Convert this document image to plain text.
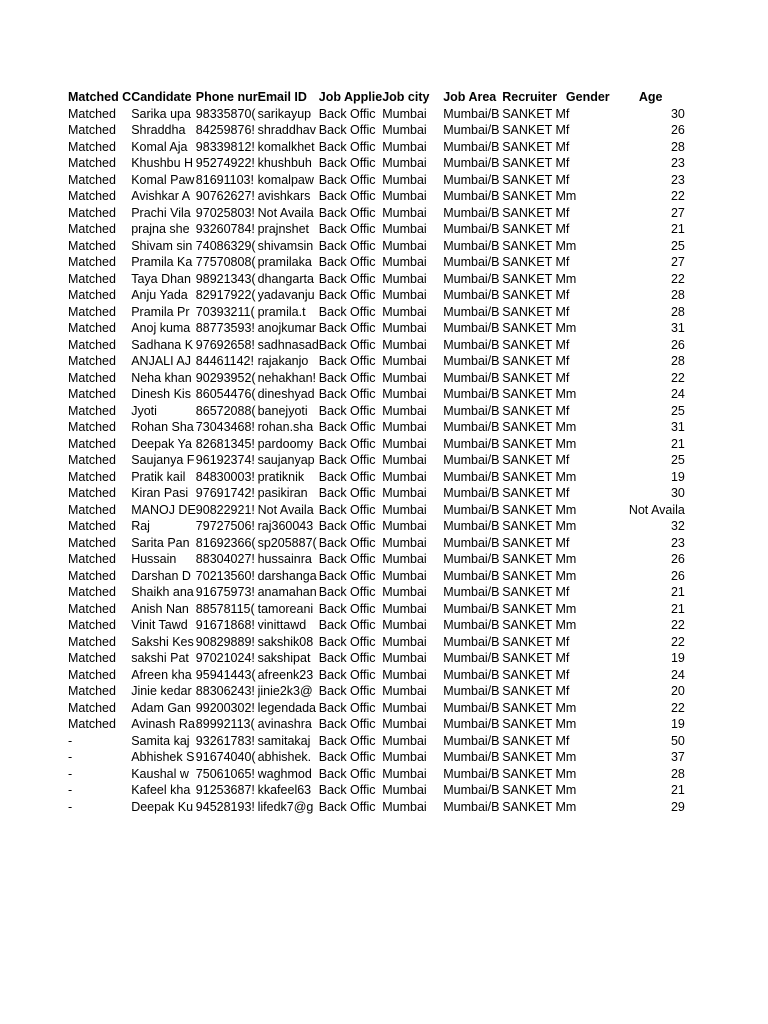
Matched C	Candidate	Phone nur	Email ID	Job Applie	Job city	Job Area	Recruiter	Gender	Age
Matched	Sarika upa	98335870(	sarikayup	Back Offic	Mumbai	Mumbai/B	SANKET M	f	30
Matched	Shraddha	84259876!	shraddhav	Back Offic	Mumbai	Mumbai/B	SANKET M	f	26
Matched	Komal Aja	98339812!	komalkhet	Back Offic	Mumbai	Mumbai/B	SANKET M	f	28
Matched	Khushbu H	95274922!	khushbuh	Back Offic	Mumbai	Mumbai/B	SANKET M	f	23
Matched	Komal Paw	81691103!	komalpaw	Back Offic	Mumbai	Mumbai/B	SANKET M	f	23
Matched	Avishkar A	90762627!	avishkars	Back Offic	Mumbai	Mumbai/B	SANKET M	m	22
Matched	Prachi Vila	97025803!	Not Availa	Back Offic	Mumbai	Mumbai/B	SANKET M	f	27
Matched	prajna she	93260784!	prajnshet	Back Offic	Mumbai	Mumbai/B	SANKET M	f	21
Matched	Shivam sin	74086329(	shivamsin	Back Offic	Mumbai	Mumbai/B	SANKET M	m	25
Matched	Pramila Ka	77570808(	pramilaka	Back Offic	Mumbai	Mumbai/B	SANKET M	f	27
Matched	Taya Dhan	98921343(	dhangarta	Back Offic	Mumbai	Mumbai/B	SANKET M	m	22
Matched	Anju Yada	82917922(	yadavanju	Back Offic	Mumbai	Mumbai/B	SANKET M	f	28
Matched	Pramila Pr	70393211(	pramila.t	Back Offic	Mumbai	Mumbai/B	SANKET M	f	28
Matched	Anoj kuma	88773593!	anojkumar	Back Offic	Mumbai	Mumbai/B	SANKET M	m	31
Matched	Sadhana K	97692658!	sadhnasad	Back Offic	Mumbai	Mumbai/B	SANKET M	f	26
Matched	ANJALI AJ	84461142!	rajakanjo	Back Offic	Mumbai	Mumbai/B	SANKET M	f	28
Matched	Neha khan	90293952(	nehakhan!	Back Offic	Mumbai	Mumbai/B	SANKET M	f	22
Matched	Dinesh Kis	86054476(	dineshyad	Back Offic	Mumbai	Mumbai/B	SANKET M	m	24
Matched	Jyoti	86572088(	banejyoti	Back Offic	Mumbai	Mumbai/B	SANKET M	f	25
Matched	Rohan Sha	73043468!	rohan.sha	Back Offic	Mumbai	Mumbai/B	SANKET M	m	31
Matched	Deepak Ya	82681345!	pardoomy	Back Offic	Mumbai	Mumbai/B	SANKET M	m	21
Matched	Saujanya F	96192374!	saujanyap	Back Offic	Mumbai	Mumbai/B	SANKET M	f	25
Matched	Pratik kail	84830003!	pratiknik	Back Offic	Mumbai	Mumbai/B	SANKET M	m	19
Matched	Kiran Pasi	97691742!	pasikiran	Back Offic	Mumbai	Mumbai/B	SANKET M	f	30
Matched	MANOJ DE	90822921!	Not Availa	Back Offic	Mumbai	Mumbai/B	SANKET M	m	Not Availa
Matched	Raj	79727506!	raj360043	Back Offic	Mumbai	Mumbai/B	SANKET M	m	32
Matched	Sarita Pan	81692366(	sp205887(	Back Offic	Mumbai	Mumbai/B	SANKET M	f	23
Matched	Hussain	88304027!	hussainra	Back Offic	Mumbai	Mumbai/B	SANKET M	m	26
Matched	Darshan D	70213560!	darshanga	Back Offic	Mumbai	Mumbai/B	SANKET M	m	26
Matched	Shaikh ana	91675973!	anamahan	Back Offic	Mumbai	Mumbai/B	SANKET M	f	21
Matched	Anish Nan	88578115(	tamoreani	Back Offic	Mumbai	Mumbai/B	SANKET M	m	21
Matched	Vinit Tawd	91671868!	vinittawd	Back Offic	Mumbai	Mumbai/B	SANKET M	m	22
Matched	Sakshi Kes	90829889!	sakshik08	Back Offic	Mumbai	Mumbai/B	SANKET M	f	22
Matched	sakshi Pat	97021024!	sakshipat	Back Offic	Mumbai	Mumbai/B	SANKET M	f	19
Matched	Afreen kha	95941443(	afreenk23	Back Offic	Mumbai	Mumbai/B	SANKET M	f	24
Matched	Jinie kedar	88306243!	jinie2k3@	Back Offic	Mumbai	Mumbai/B	SANKET M	f	20
Matched	Adam Gan	99200302!	legendada	Back Offic	Mumbai	Mumbai/B	SANKET M	m	22
Matched	Avinash Ra	89992113(	avinashra	Back Offic	Mumbai	Mumbai/B	SANKET M	m	19
-	Samita kaj	93261783!	samitakaj	Back Offic	Mumbai	Mumbai/B	SANKET M	f	50
-	Abhishek S	91674040(	abhishek.	Back Offic	Mumbai	Mumbai/B	SANKET M	m	37
-	Kaushal w	75061065!	waghmod	Back Offic	Mumbai	Mumbai/B	SANKET M	m	28
-	Kafeel kha	91253687!	kkafeel63	Back Offic	Mumbai	Mumbai/B	SANKET M	m	21
-	Deepak Ku	94528193!	lifedk7@g	Back Offic	Mumbai	Mumbai/B	SANKET M	m	29
